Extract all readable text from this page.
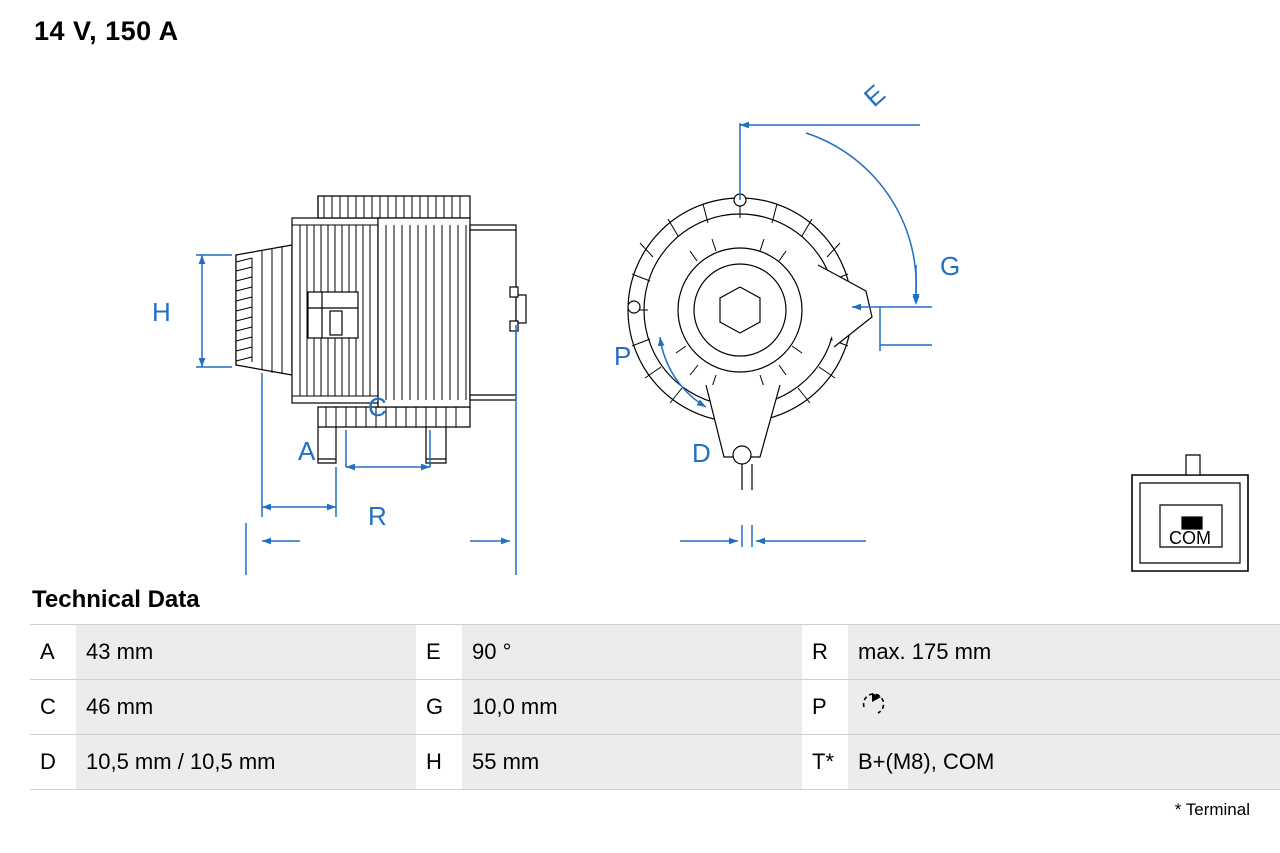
14 V, 150 A
H
C
A
R
E
G
P
D
COM
Technical Data
A	43 mm	E	90 °	R	max. 175 mm
C	46 mm	G	10,0 mm	P	
D	10,5 mm / 10,5 mm	H	55 mm	T*	B+(M8), COM
* Terminal
